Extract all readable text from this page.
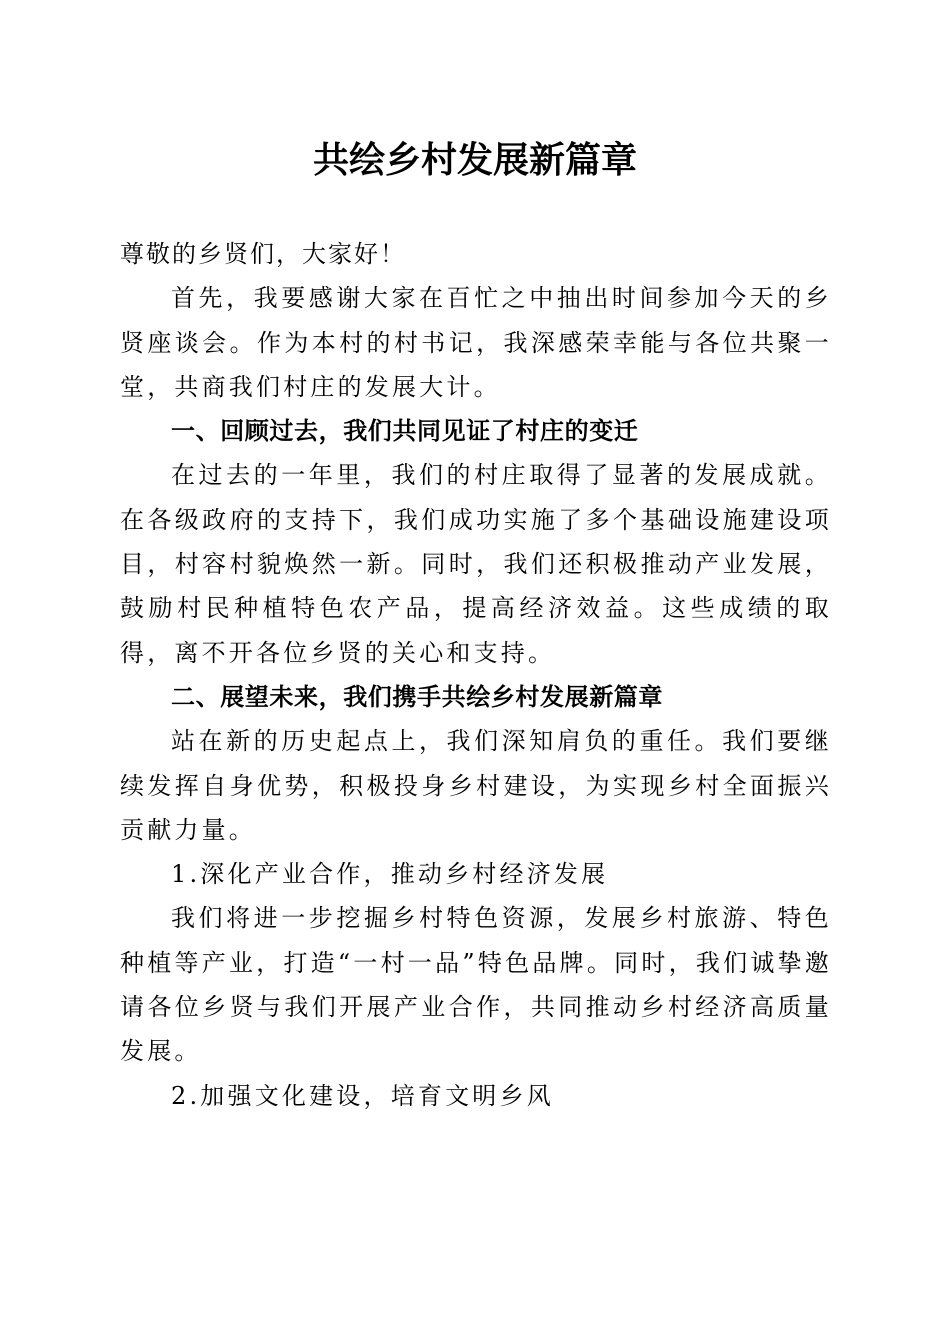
共绘乡村发展新篇章

尊敬的乡贤们，大家好！

首先，我要感谢大家在百忙之中抽出时间参加今天的乡贤座谈会。作为本村的村书记，我深感荣幸能与各位共聚一堂，共商我们村庄的发展大计。

一、回顾过去，我们共同见证了村庄的变迁

在过去的一年里，我们的村庄取得了显著的发展成就。在各级政府的支持下，我们成功实施了多个基础设施建设项目，村容村貌焕然一新。同时，我们还积极推动产业发展，鼓励村民种植特色农产品，提高经济效益。这些成绩的取得，离不开各位乡贤的关心和支持。

二、展望未来，我们携手共绘乡村发展新篇章

站在新的历史起点上，我们深知肩负的重任。我们要继续发挥自身优势，积极投身乡村建设，为实现乡村全面振兴贡献力量。

1.深化产业合作，推动乡村经济发展

我们将进一步挖掘乡村特色资源，发展乡村旅游、特色种植等产业，打造“一村一品”特色品牌。同时，我们诚挚邀请各位乡贤与我们开展产业合作，共同推动乡村经济高质量发展。

2.加强文化建设，培育文明乡风
